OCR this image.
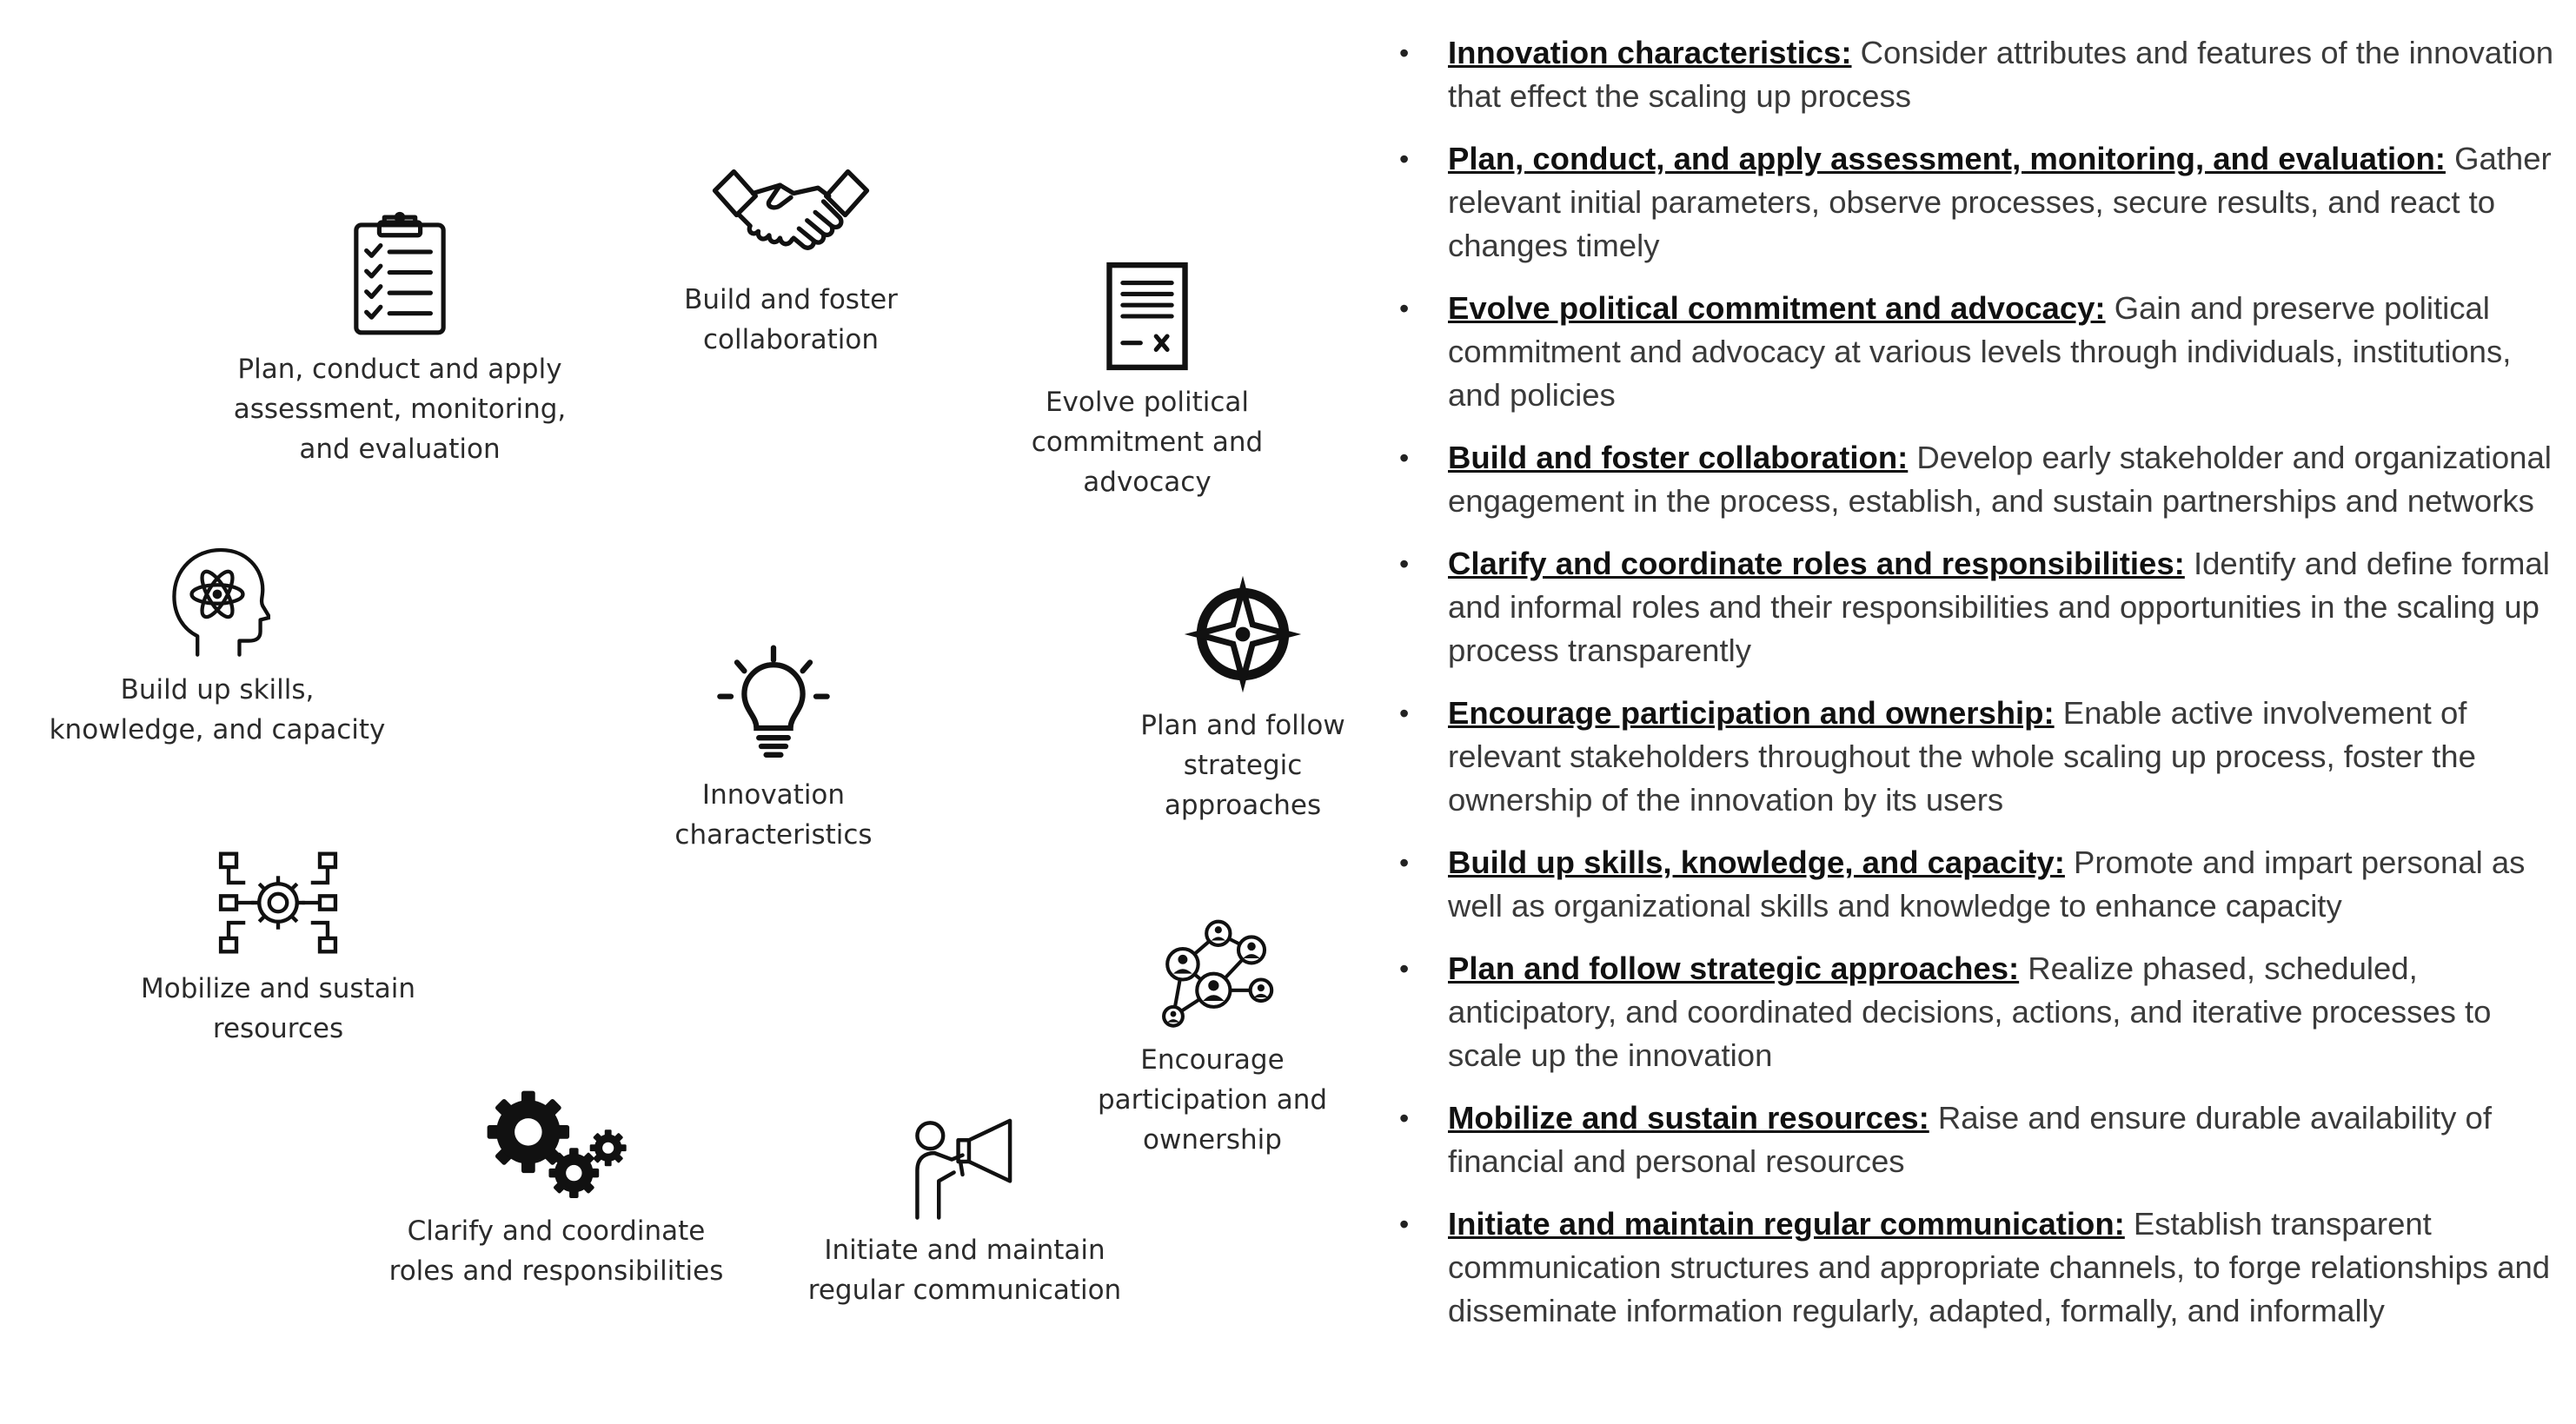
Innovation
characteristics
Plan, conduct and apply
assessment, monitoring,
and evaluation
Build and foster
collaboration
Evolve political
commitment and
advocacy
Plan and follow
strategic
approaches
Encourage
participation and
ownership
Initiate and maintain
regular communication
Clarify and coordinate
roles and responsibilities
Mobilize and sustain
resources
Build up skills,
knowledge, and capacity
• Innovation characteristics: Consider attributes and features of the innovation that effect the scaling up process

• Plan, conduct, and apply assessment, monitoring, and evaluation: Gather relevant initial parameters, observe processes, secure results, and react to changes timely

• Evolve political commitment and advocacy: Gain and preserve political commitment and advocacy at various levels through individuals, institutions, and policies

• Build and foster collaboration: Develop early stakeholder and organizational engagement in the process, establish, and sustain partnerships and networks

• Clarify and coordinate roles and responsibilities: Identify and define formal and informal roles and their responsibilities and opportunities in the scaling up process transparently

• Encourage participation and ownership: Enable active involvement of relevant stakeholders throughout the whole scaling up process, foster the ownership of the innovation by its users

• Build up skills, knowledge, and capacity: Promote and impart personal as well as organizational skills and knowledge to enhance capacity

• Plan and follow strategic approaches: Realize phased, scheduled, anticipatory, and coordinated decisions, actions, and iterative processes to scale up the innovation

• Mobilize and sustain resources: Raise and ensure durable availability of financial and personal resources

• Initiate and maintain regular communication: Establish transparent communication structures and appropriate channels, to forge relationships and disseminate information regularly, adapted, formally, and informally
